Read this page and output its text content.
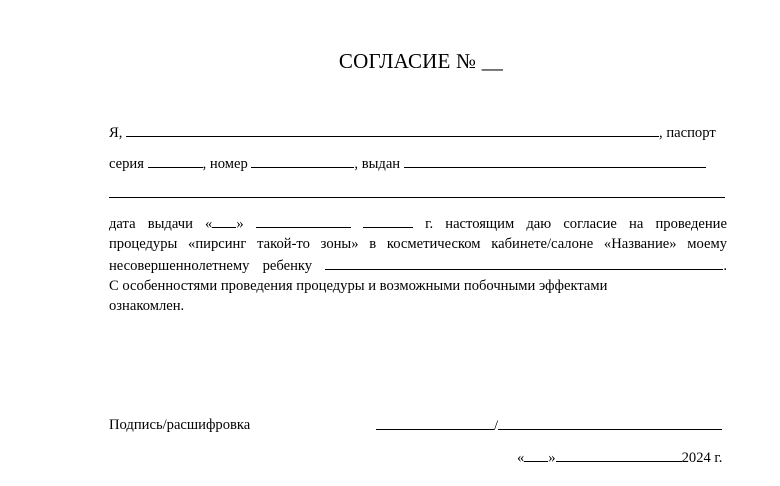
СОГЛАСИЕ № __
Я,	, паспорт
серия	, номер	, выдан

дата выдачи « »	г. настоящим даю согласие на проведение

процедуры «пирсинг такой-то зоны» в косметическом кабинете/салоне «Название» моему

несовершеннолетнему ребенку	.

С особенностями проведения процедуры и возможными побочными эффектами

ознакомлен.

Подпись/расшифровка	/
« »	2024 г.
